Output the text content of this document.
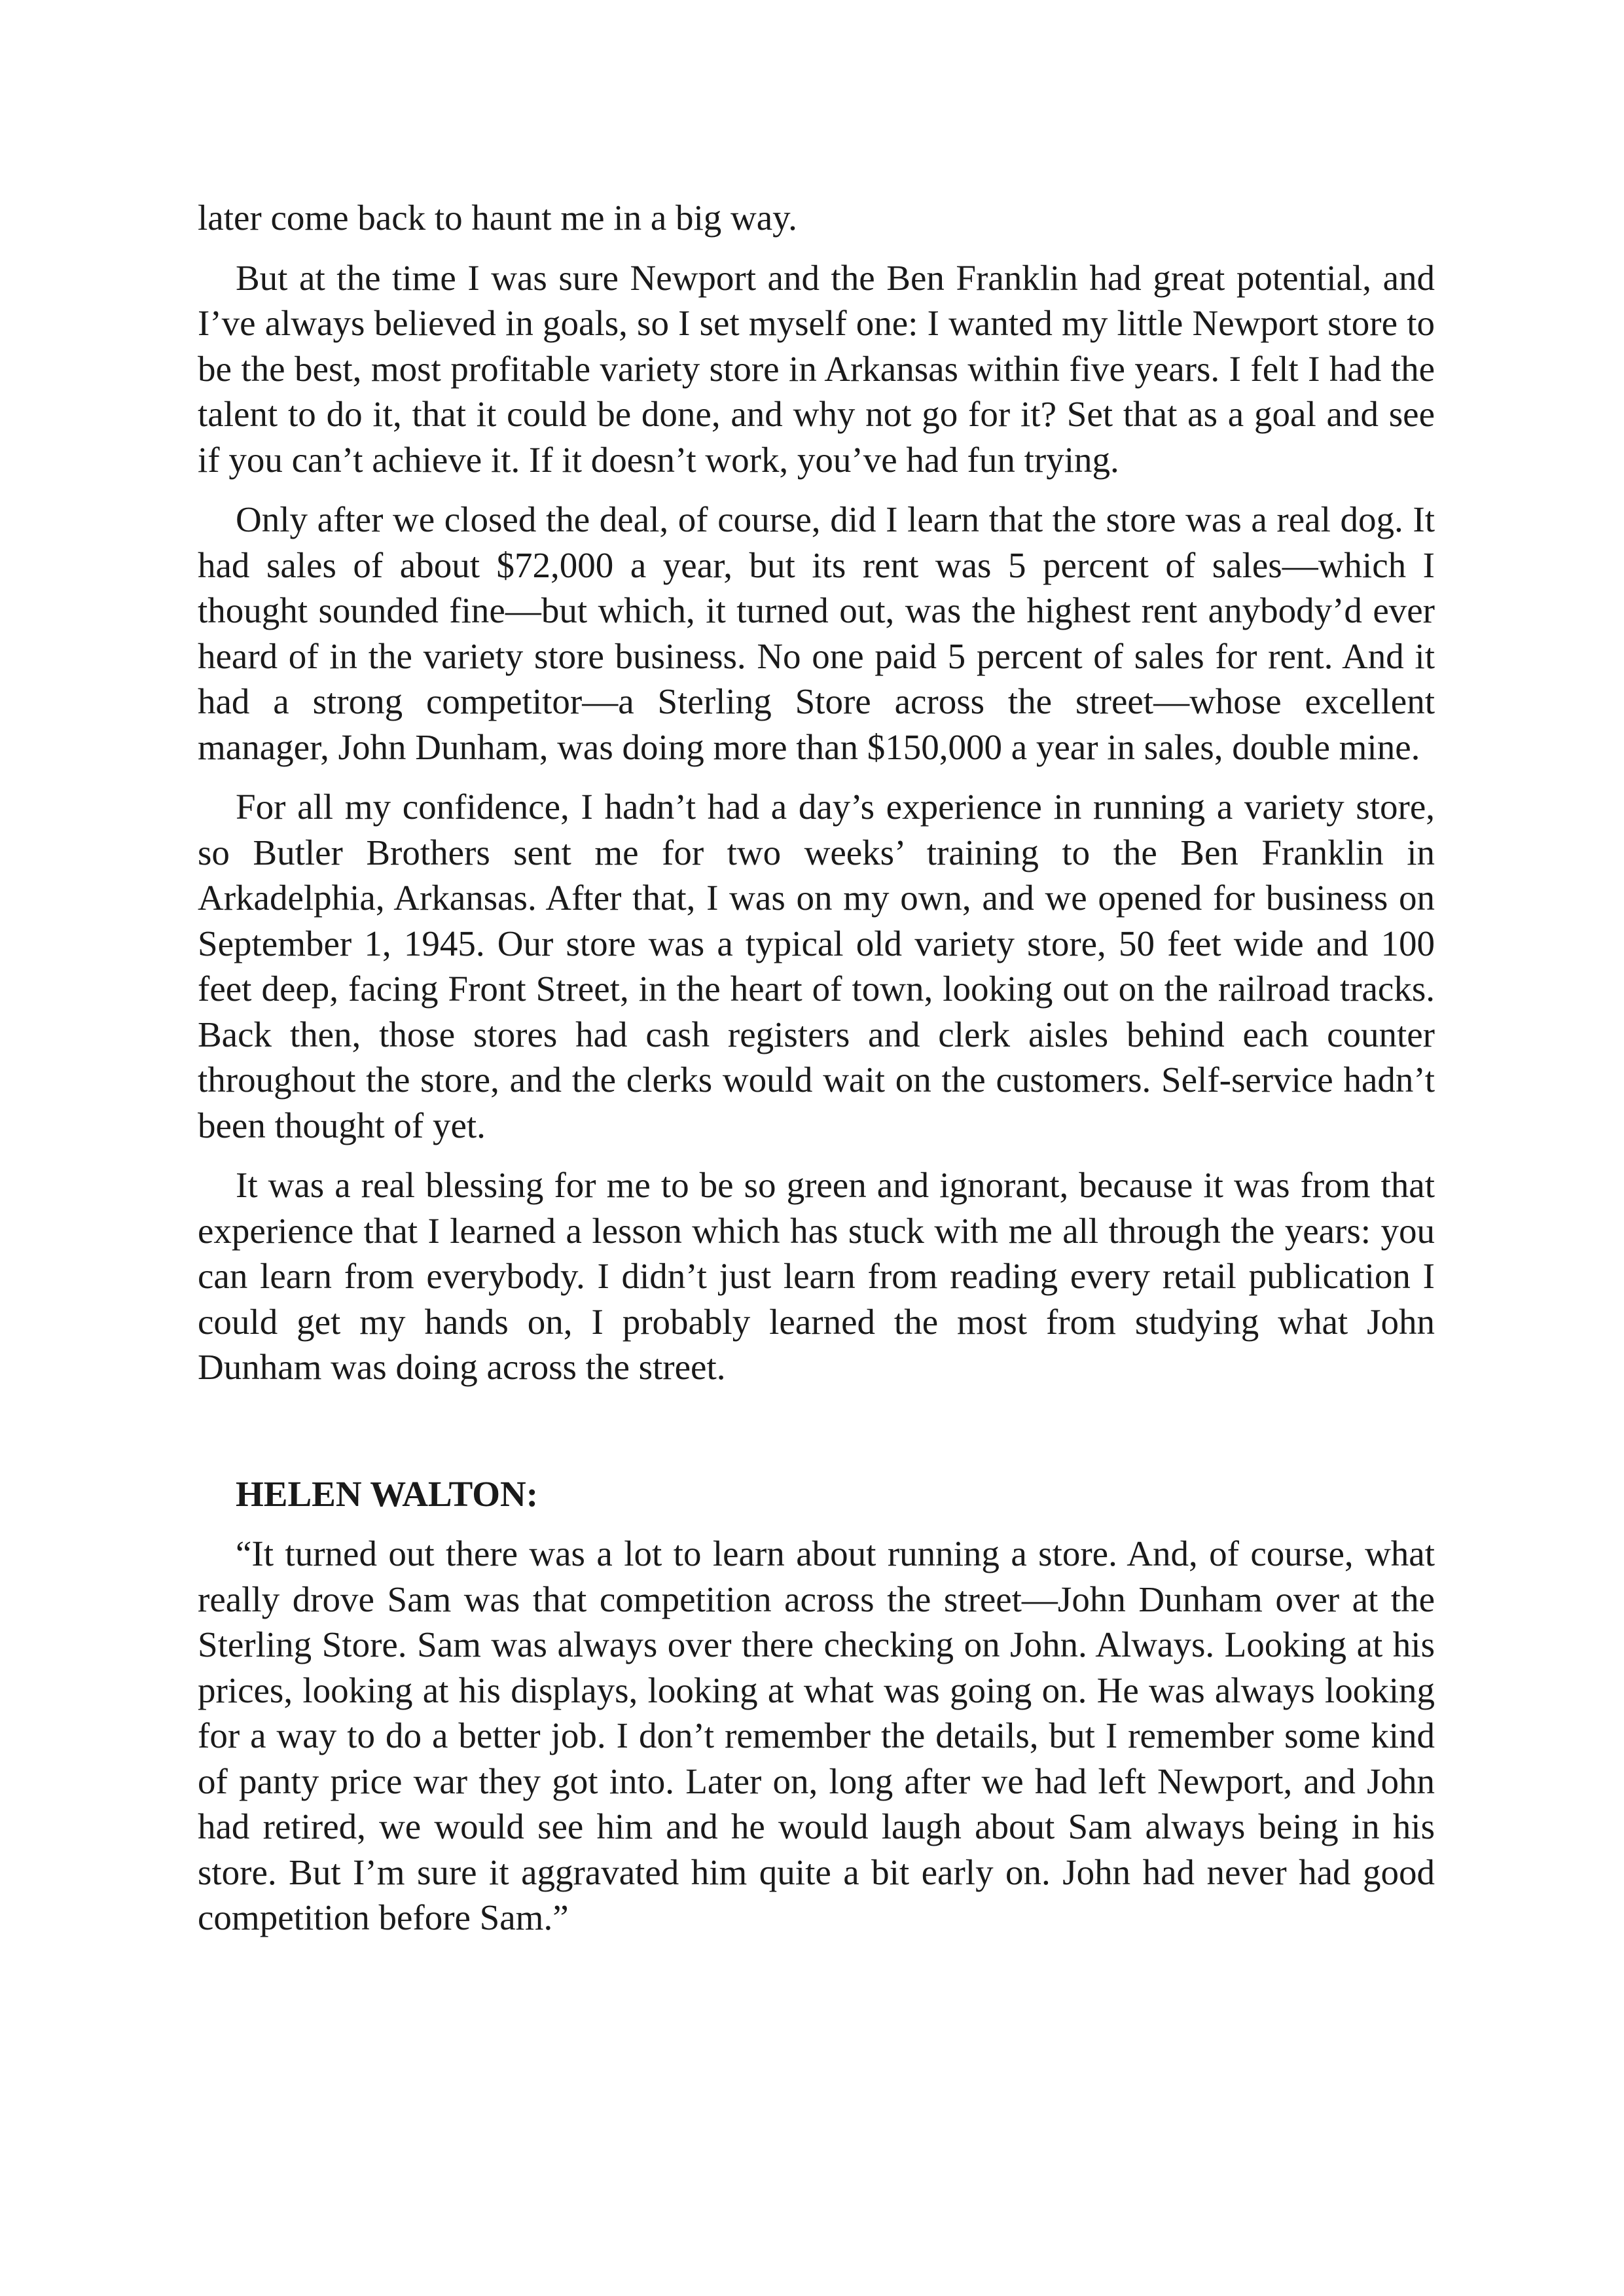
later come back to haunt me in a big way.

But at the time I was sure Newport and the Ben Franklin had great potential, and I’ve always believed in goals, so I set myself one: I wanted my little Newport store to be the best, most profitable variety store in Arkansas within five years. I felt I had the talent to do it, that it could be done, and why not go for it? Set that as a goal and see if you can’t achieve it. If it doesn’t work, you’ve had fun trying.

Only after we closed the deal, of course, did I learn that the store was a real dog. It had sales of about $72,000 a year, but its rent was 5 percent of sales—which I thought sounded fine—but which, it turned out, was the highest rent anybody’d ever heard of in the variety store business. No one paid 5 percent of sales for rent. And it had a strong competitor—a Sterling Store across the street—whose excellent manager, John Dunham, was doing more than $150,000 a year in sales, double mine.

For all my confidence, I hadn’t had a day’s experience in running a variety store, so Butler Brothers sent me for two weeks’ training to the Ben Franklin in Arkadelphia, Arkansas. After that, I was on my own, and we opened for business on September 1, 1945. Our store was a typical old variety store, 50 feet wide and 100 feet deep, facing Front Street, in the heart of town, looking out on the railroad tracks. Back then, those stores had cash registers and clerk aisles behind each counter throughout the store, and the clerks would wait on the customers. Self-service hadn’t been thought of yet.

It was a real blessing for me to be so green and ignorant, because it was from that experience that I learned a lesson which has stuck with me all through the years: you can learn from everybody. I didn’t just learn from reading every retail publication I could get my hands on, I probably learned the most from studying what John Dunham was doing across the street.

HELEN WALTON:

“It turned out there was a lot to learn about running a store. And, of course, what really drove Sam was that competition across the street—John Dunham over at the Sterling Store. Sam was always over there checking on John. Always. Looking at his prices, looking at his displays, looking at what was going on. He was always looking for a way to do a better job. I don’t remember the details, but I remember some kind of panty price war they got into. Later on, long after we had left Newport, and John had retired, we would see him and he would laugh about Sam always being in his store. But I’m sure it aggravated him quite a bit early on. John had never had good competition before Sam.”
